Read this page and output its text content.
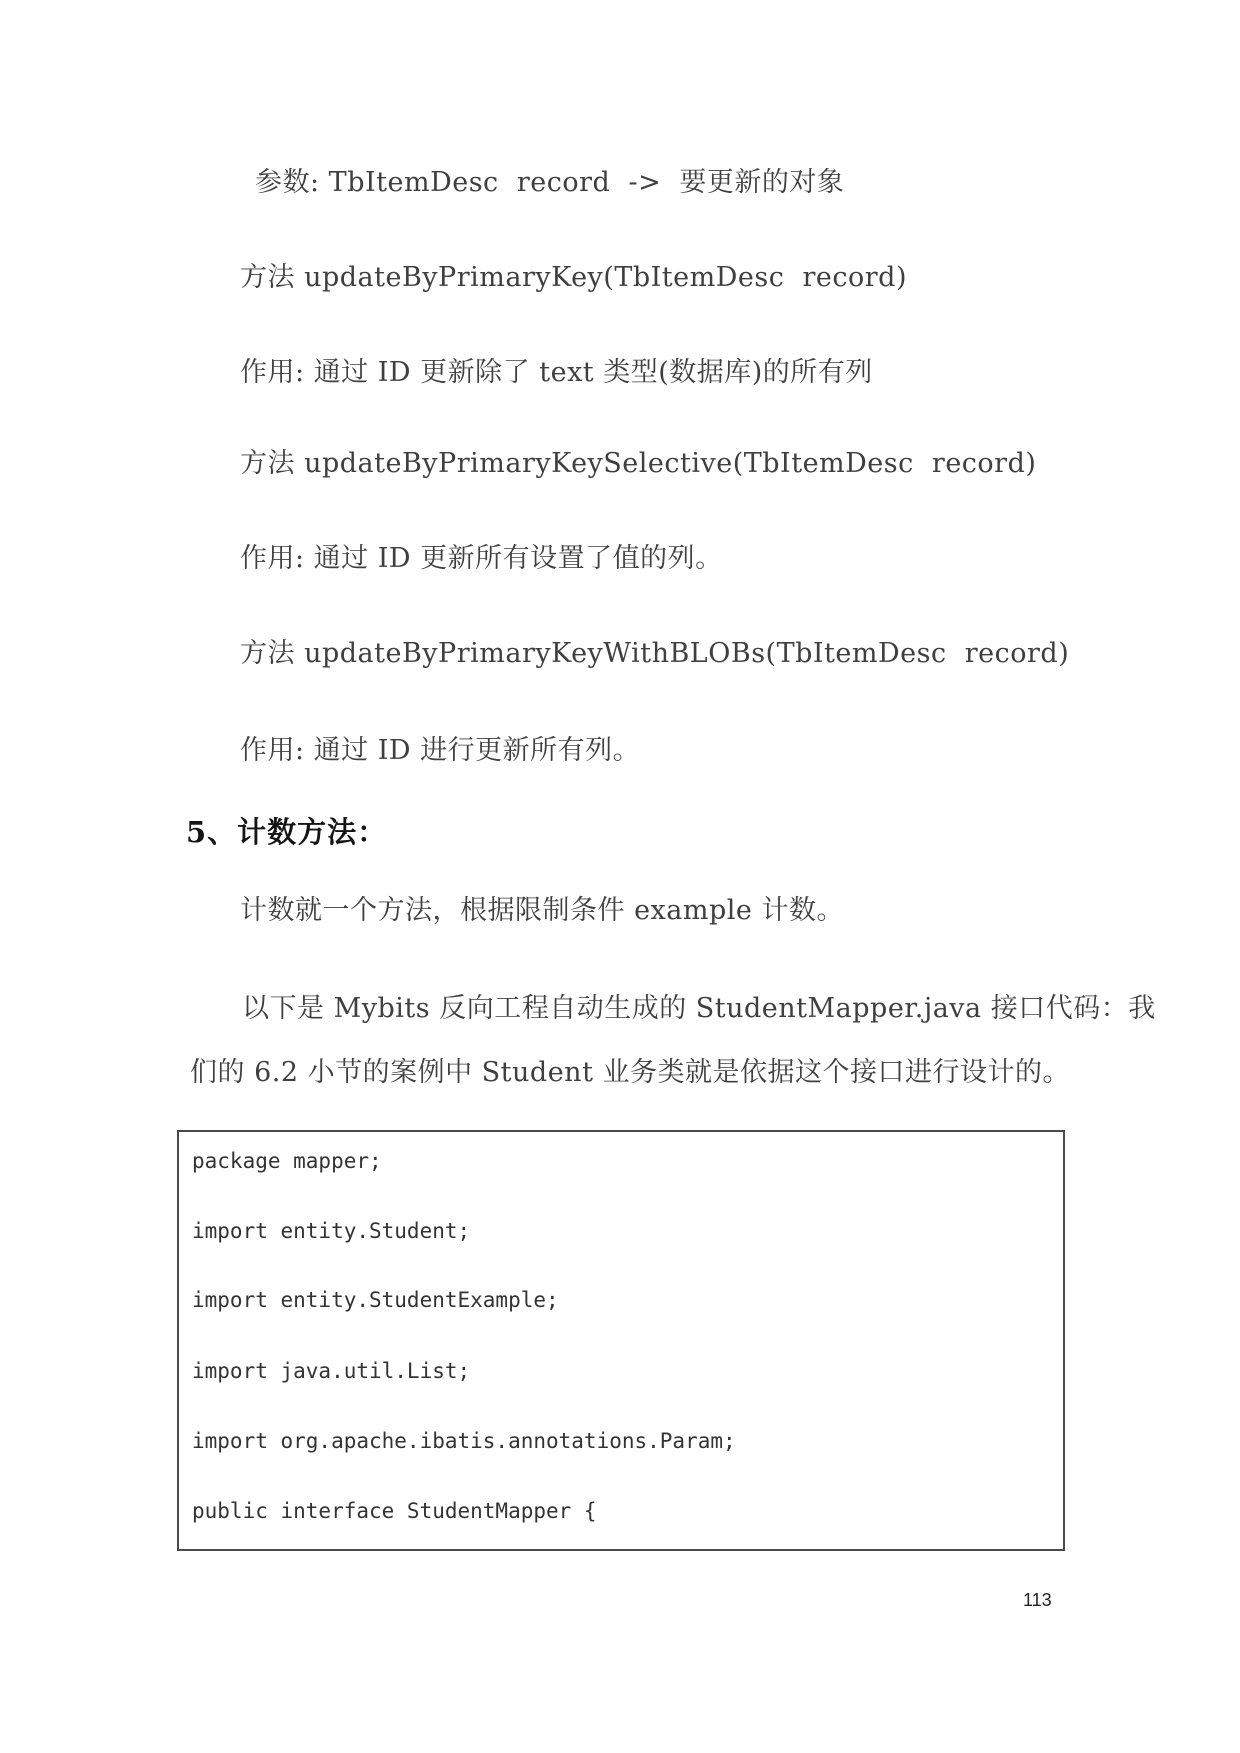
参数: TbItemDesc  record  ->  要更新的对象
方法 updateByPrimaryKey(TbItemDesc  record)
作用: 通过 ID 更新除了 text 类型(数据库)的所有列
方法 updateByPrimaryKeySelective(TbItemDesc  record)
作用: 通过 ID 更新所有设置了值的列。
方法 updateByPrimaryKeyWithBLOBs(TbItemDesc  record)
作用: 通过 ID 进行更新所有列。
5、计数方法：
计数就一个方法，根据限制条件 example 计数。
以下是 Mybits 反向工程自动生成的 StudentMapper.java 接口代码：我
们的 6.2 小节的案例中 Student 业务类就是依据这个接口进行设计的。
package mapper;
import entity.Student;
import entity.StudentExample;
import java.util.List;
import org.apache.ibatis.annotations.Param;
public interface StudentMapper {
113
